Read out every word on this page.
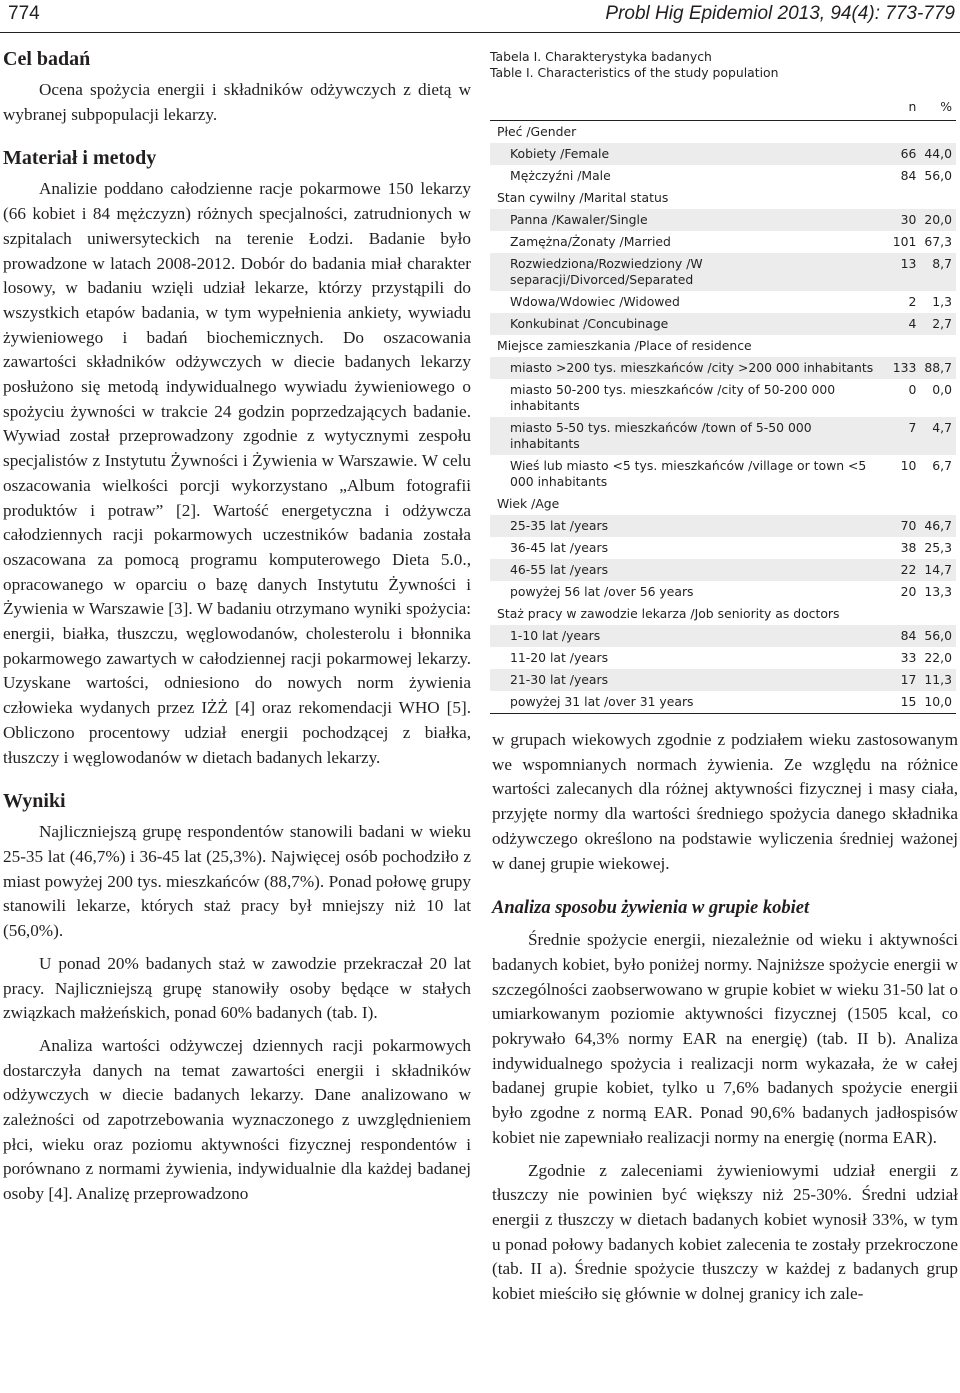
774	Probl Hig Epidemiol 2013, 94(4): 773-779
Cel badań

Ocena spożycia energii i składników odżywczych z dietą w wybranej subpopulacji lekarzy.

Materiał i metody

Analizie poddano całodzienne racje pokarmowe 150 lekarzy (66 kobiet i 84 mężczyzn) różnych specjalności, zatrudnionych w szpitalach uniwersyteckich na terenie Łodzi. Badanie było prowadzone w latach 2008-2012. Dobór do badania miał charakter losowy, w badaniu wzięli udział lekarze, którzy przystąpili do wszystkich etapów badania, w tym wypełnienia ankiety, wywiadu żywieniowego i badań biochemicznych. Do oszacowania zawartości składników odżywczych w diecie badanych lekarzy posłużono się metodą indywidualnego wywiadu żywieniowego o spożyciu żywności w trakcie 24 godzin poprzedzających badanie. Wywiad został przeprowadzony zgodnie z wytycznymi zespołu specjalistów z Instytutu Żywności i Żywienia w Warszawie. W celu oszacowania wielkości porcji wykorzystano „Album fotografii produktów i potraw” [2]. Wartość energetyczna i odżywcza całodziennych racji pokarmowych uczestników badania została oszacowana za pomocą programu komputerowego Dieta 5.0., opracowanego w oparciu o bazę danych Instytutu Żywności i Żywienia w Warszawie [3]. W badaniu otrzymano wyniki spożycia: energii, białka, tłuszczu, węglowodanów, cholesterolu i błonnika pokarmowego zawartych w całodziennej racji pokarmowej lekarzy. Uzyskane wartości, odniesiono do nowych norm żywienia człowieka wydanych przez IŻŻ [4] oraz rekomendacji WHO [5]. Obliczono procentowy udział energii pochodzącej z białka, tłuszczy i węglowodanów w dietach badanych lekarzy.

Wyniki

Najliczniejszą grupę respondentów stanowili badani w wieku 25-35 lat (46,7%) i 36-45 lat (25,3%). Najwięcej osób pochodziło z miast powyżej 200 tys. mieszkańców (88,7%). Ponad połowę grupy stanowili lekarze, których staż pracy był mniejszy niż 10 lat (56,0%).

U ponad 20% badanych staż w zawodzie przekraczał 20 lat pracy. Najliczniejszą grupę stanowiły osoby będące w stałych związkach małżeńskich, ponad 60% badanych (tab. I).

Analiza wartości odżywczej dziennych racji pokarmowych dostarczyła danych na temat zawartości energii i składników odżywczych w diecie badanych lekarzy. Dane analizowano w zależności od zapotrzebowania wyznaczonego z uwzględnieniem płci, wieku oraz poziomu aktywności fizycznej respondentów i porównano z normami żywienia, indywidualnie dla każdej badanej osoby [4]. Analizę przeprowadzono

Tabela I. Charakterystyka badanych
Table I. Characteristics of the study population
	n	%
Płeć /Gender		
Kobiety /Female	66	44,0
Mężczyźni /Male	84	56,0
Stan cywilny /Marital status		
Panna /Kawaler/Single	30	20,0
Zamężna/Żonaty /Married	101	67,3
Rozwiedziona/Rozwiedziony /W separacji/Divorced/Separated	13	8,7
Wdowa/Wdowiec /Widowed	2	1,3
Konkubinat /Concubinage	4	2,7
Miejsce zamieszkania /Place of residence		
miasto >200 tys. mieszkańców /city >200 000 inhabitants	133	88,7
miasto 50-200 tys. mieszkańców /city of 50-200 000 inhabitants	0	0,0
miasto 5-50 tys. mieszkańców /town of 5-50 000 inhabitants	7	4,7
Wieś lub miasto <5 tys. mieszkańców /village or town <5 000 inhabitants	10	6,7
Wiek /Age		
25-35 lat /years	70	46,7
36-45 lat /years	38	25,3
46-55 lat /years	22	14,7
powyżej 56 lat /over 56 years	20	13,3
Staż pracy w zawodzie lekarza /Job seniority as doctors		
1-10 lat /years	84	56,0
11-20 lat /years	33	22,0
21-30 lat /years	17	11,3
powyżej 31 lat /over 31 years	15	10,0

w grupach wiekowych zgodnie z podziałem wieku zastosowanym we wspomnianych normach żywienia. Ze względu na różnice wartości zalecanych dla różnej aktywności fizycznej i masy ciała, przyjęte normy dla wartości średniego spożycia danego składnika odżywczego określono na podstawie wyliczenia średniej ważonej w danej grupie wiekowej.

Analiza sposobu żywienia w grupie kobiet

Średnie spożycie energii, niezależnie od wieku i aktywności badanych kobiet, było poniżej normy. Najniższe spożycie energii w szczególności zaobserwowano w grupie kobiet w wieku 31-50 lat o umiarkowanym poziomie aktywności fizycznej (1505 kcal, co pokrywało 64,3% normy EAR na energię) (tab. II b). Analiza indywidualnego spożycia i realizacji norm wykazała, że w całej badanej grupie kobiet, tylko u 7,6% badanych spożycie energii było zgodne z normą EAR. Ponad 90,6% badanych jadłospisów kobiet nie zapewniało realizacji normy na energię (norma EAR).

Zgodnie z zaleceniami żywieniowymi udział energii z tłuszczy nie powinien być większy niż 25-30%. Średni udział energii z tłuszczy w dietach badanych kobiet wynosił 33%, w tym u ponad połowy badanych kobiet zalecenia te zostały przekroczone (tab. II a). Średnie spożycie tłuszczy w każdej z badanych grup kobiet mieściło się głównie w dolnej granicy ich zale-
